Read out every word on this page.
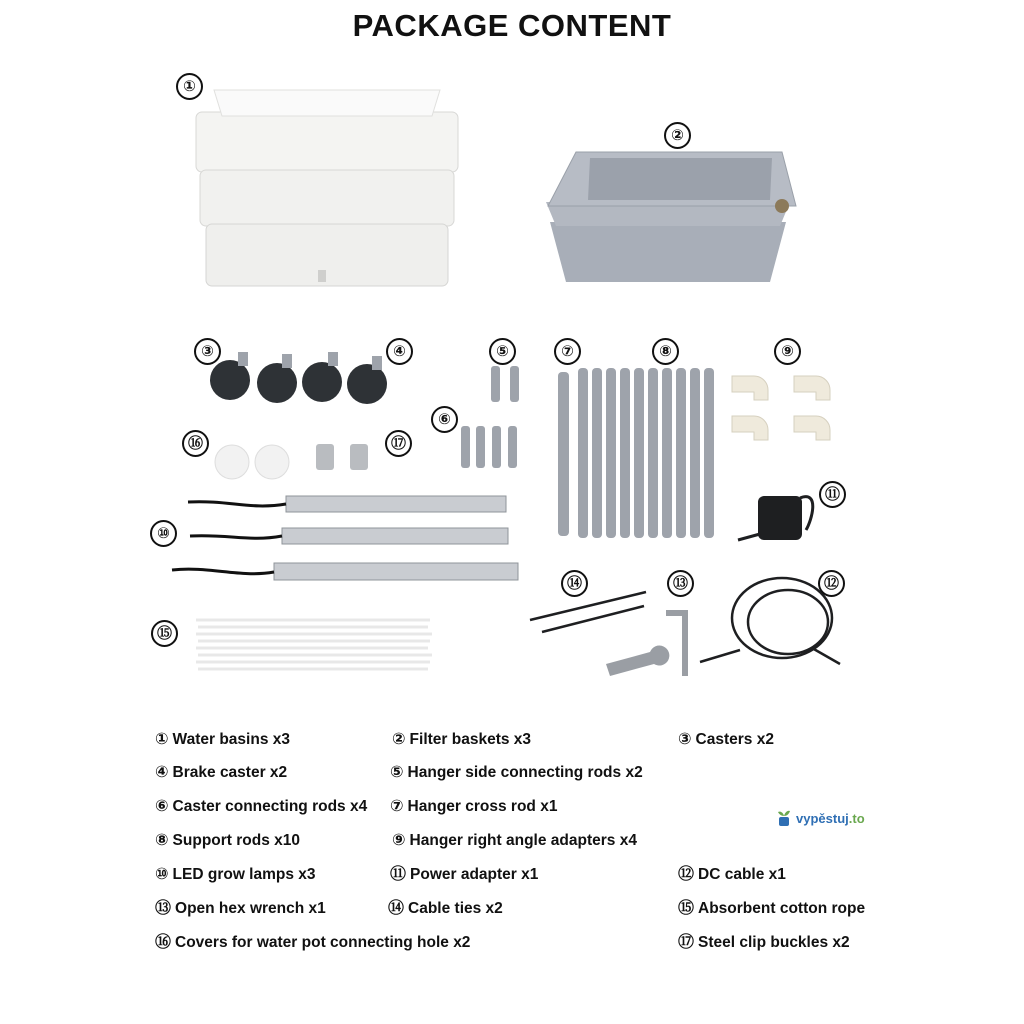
PACKAGE CONTENT
①
②
③	④	⑤
⑥
⑦	⑧	⑨
⑩
⑪
⑫
⑬
⑭
⑮
⑯	⑰
① Water basins x3	② Filter baskets x3	③ Casters x2
④ Brake caster x2	⑤ Hanger side connecting rods x2
⑥ Caster connecting rods x4 ⑦ Hanger cross rod x1
⑧ Support rods x10	⑨ Hanger right angle adapters x4
⑩ LED grow lamps x3	⑪ Power adapter x1	⑫ DC cable x1
⑬ Open hex wrench x1	⑭ Cable ties x2	⑮ Absorbent cotton rope
⑯ Covers for water pot connecting hole x2	⑰ Steel clip buckles x2
vypěstuj .to
